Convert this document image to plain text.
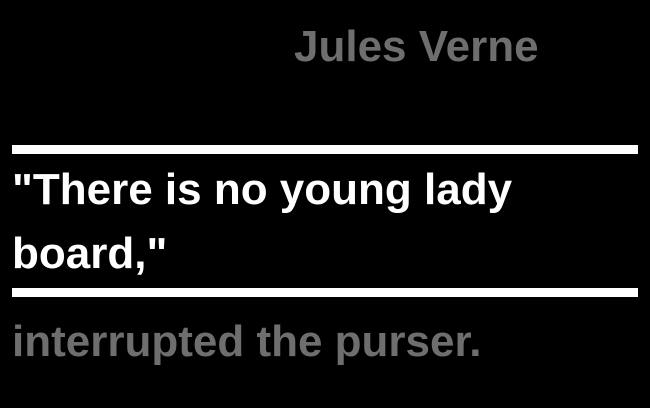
Jules Verne
"There is no young lady
board,"
interrupted the purser.
